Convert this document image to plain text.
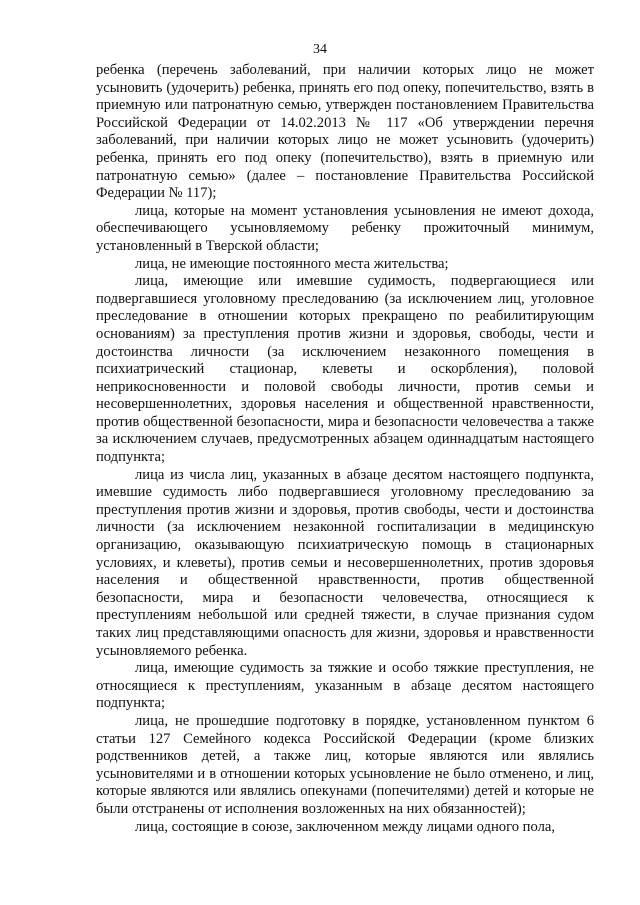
34

ребенка (перечень заболеваний, при наличии которых лицо не может усыновить (удочерить) ребенка, принять его под опеку, попечительство, взять в приемную или патронатную семью, утвержден постановлением Правительства Российской Федерации от 14.02.2013 № 117 «Об утверждении перечня заболеваний, при наличии которых лицо не может усыновить (удочерить) ребенка, принять его под опеку (попечительство), взять в приемную или патронатную семью» (далее – постановление Правительства Российской Федерации № 117);

лица, которые на момент установления усыновления не имеют дохода, обеспечивающего усыновляемому ребенку прожиточный минимум, установленный в Тверской области;

лица, не имеющие постоянного места жительства;

лица, имеющие или имевшие судимость, подвергающиеся или подвергавшиеся уголовному преследованию (за исключением лиц, уголовное преследование в отношении которых прекращено по реабилитирующим основаниям) за преступления против жизни и здоровья, свободы, чести и достоинства личности (за исключением незаконного помещения в психиатрический стационар, клеветы и оскорбления), половой неприкосновенности и половой свободы личности, против семьи и несовершеннолетних, здоровья населения и общественной нравственности, против общественной безопасности, мира и безопасности человечества а также за исключением случаев, предусмотренных абзацем одиннадцатым настоящего подпункта;

лица из числа лиц, указанных в абзаце десятом настоящего подпункта, имевшие судимость либо подвергавшиеся уголовному преследованию за преступления против жизни и здоровья, против свободы, чести и достоинства личности (за исключением незаконной госпитализации в медицинскую организацию, оказывающую психиатрическую помощь в стационарных условиях, и клеветы), против семьи и несовершеннолетних, против здоровья населения и общественной нравственности, против общественной безопасности, мира и безопасности человечества, относящиеся к преступлениям небольшой или средней тяжести, в случае признания судом таких лиц представляющими опасность для жизни, здоровья и нравственности усыновляемого ребенка.

лица, имеющие судимость за тяжкие и особо тяжкие преступления, не относящиеся к преступлениям, указанным в абзаце десятом настоящего подпункта;

лица, не прошедшие подготовку в порядке, установленном пунктом 6 статьи 127 Семейного кодекса Российской Федерации (кроме близких родственников детей, а также лиц, которые являются или являлись усыновителями и в отношении которых усыновление не было отменено, и лиц, которые являются или являлись опекунами (попечителями) детей и которые не были отстранены от исполнения возложенных на них обязанностей);

лица, состоящие в союзе, заключенном между лицами одного пола,
